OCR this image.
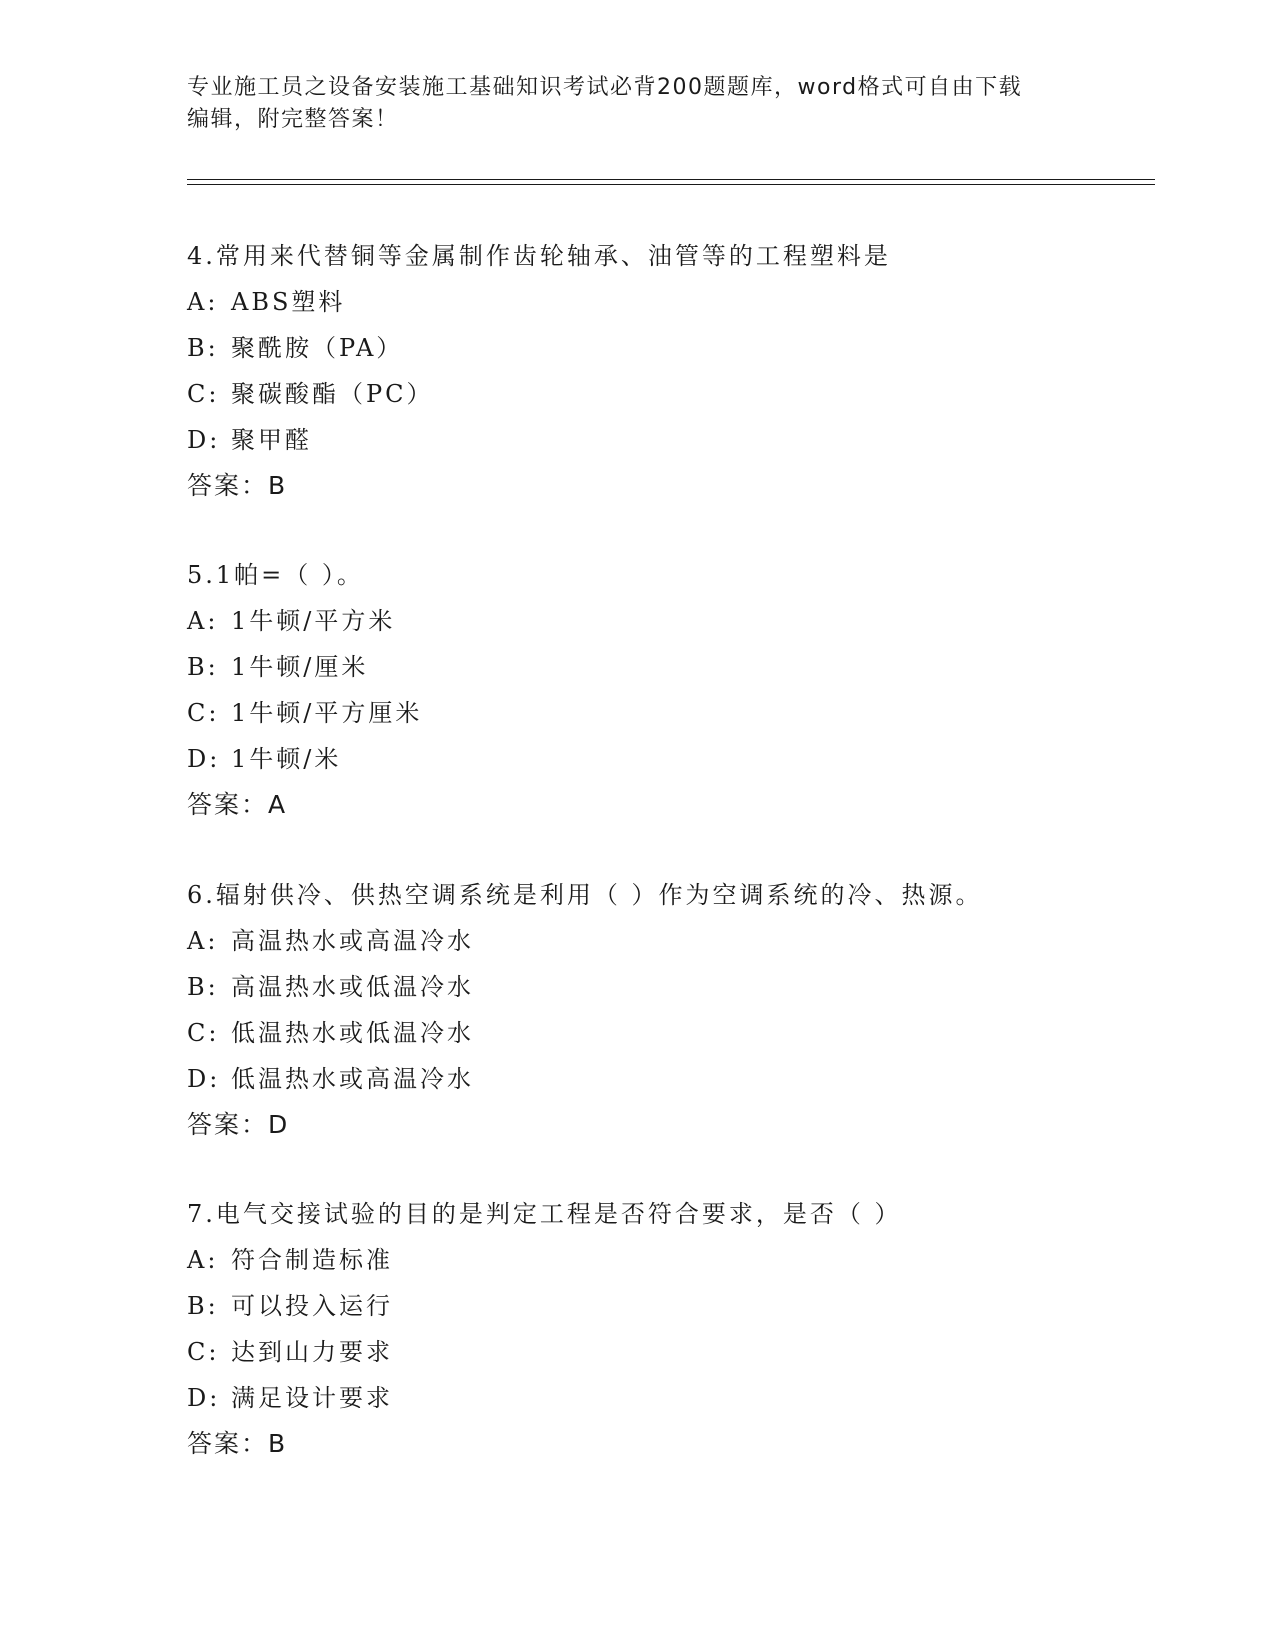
专业施工员之设备安装施工基础知识考试必背200题题库，word格式可自由下载
编辑，附完整答案！
4.常用来代替铜等金属制作齿轮轴承、油管等的工程塑料是
A: ABS塑料
B: 聚酰胺（PA）
C: 聚碳酸酯（PC）
D: 聚甲醛
答案：B
5.1帕=（ ）。
A: 1牛顿/平方米
B: 1牛顿/厘米
C: 1牛顿/平方厘米
D: 1牛顿/米
答案：A
6.辐射供冷、供热空调系统是利用（ ）作为空调系统的冷、热源。
A: 高温热水或高温冷水
B: 高温热水或低温冷水
C: 低温热水或低温冷水
D: 低温热水或高温冷水
答案：D
7.电气交接试验的目的是判定工程是否符合要求，是否（ ）
A: 符合制造标准
B: 可以投入运行
C: 达到山力要求
D: 满足设计要求
答案：B
